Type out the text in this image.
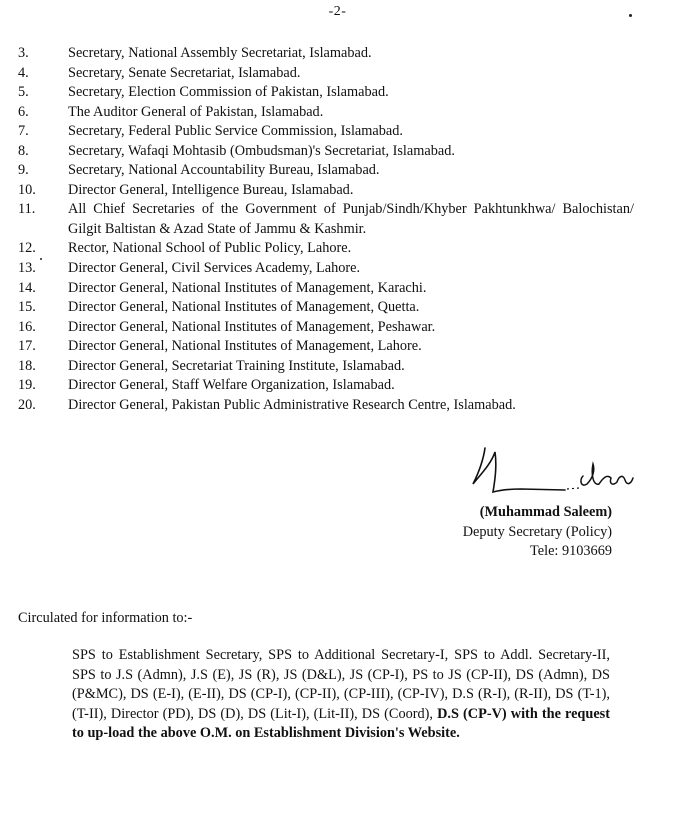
-2-
3.	Secretary, National Assembly Secretariat, Islamabad.
4.	Secretary, Senate Secretariat, Islamabad.
5.	Secretary, Election Commission of Pakistan, Islamabad.
6.	The Auditor General of Pakistan, Islamabad.
7.	Secretary, Federal Public Service Commission, Islamabad.
8.	Secretary, Wafaqi Mohtasib (Ombudsman)'s Secretariat, Islamabad.
9.	Secretary, National Accountability Bureau, Islamabad.
10.	Director General, Intelligence Bureau, Islamabad.
11.	All Chief Secretaries of the Government of Punjab/Sindh/Khyber Pakhtunkhwa/ Balochistan/ Gilgit Baltistan & Azad State of Jammu & Kashmir.
12.	Rector, National School of Public Policy, Lahore.
13.	Director General, Civil Services Academy, Lahore.
14.	Director General, National Institutes of Management, Karachi.
15.	Director General, National Institutes of Management, Quetta.
16.	Director General, National Institutes of Management, Peshawar.
17.	Director General, National Institutes of Management, Lahore.
18.	Director General, Secretariat Training Institute, Islamabad.
19.	Director General, Staff Welfare Organization, Islamabad.
20.	Director General, Pakistan Public Administrative Research Centre, Islamabad.
(Muhammad Saleem)
Deputy Secretary (Policy)
Tele: 9103669
Circulated for information to:-

SPS to Establishment Secretary, SPS to Additional Secretary-I, SPS to Addl. Secretary-II, SPS to J.S (Admn), J.S (E), JS (R), JS (D&L), JS (CP-I), PS to JS (CP-II), DS (Admn), DS (P&MC), DS (E-I), (E-II), DS (CP-I), (CP-II), (CP-III), (CP-IV), D.S (R-I), (R-II), DS (T-1), (T-II), Director (PD), DS (D), DS (Lit-I), (Lit-II), DS (Coord), D.S (CP-V) with the request to up-load the above O.M. on Establishment Division's Website.
